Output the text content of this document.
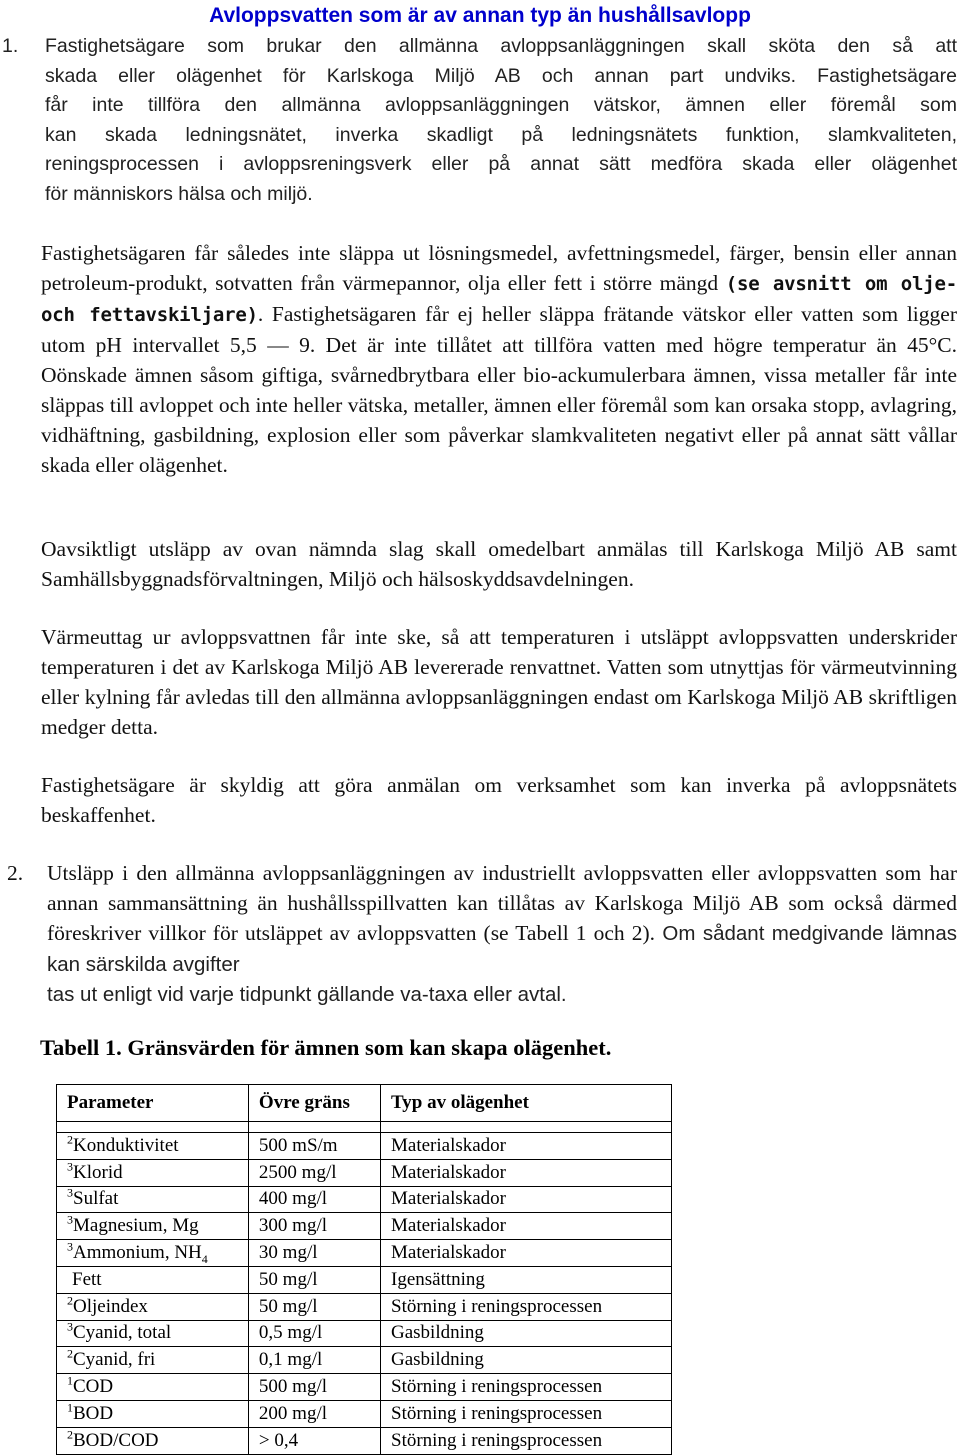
Avloppsvatten som är av annan typ än hushållsavlopp
1. Fastighetsägare som brukar den allmänna avloppsanläggningen skall sköta den så att
skada eller olägenhet för Karlskoga Miljö AB och annan part undviks. Fastighetsägare
får inte tillföra den allmänna avloppsanläggningen vätskor, ämnen eller föremål som
kan skada ledningsnätet, inverka skadligt på ledningsnätets funktion, slamkvaliteten,
reningsprocessen i avloppsreningsverk eller på annat sätt medföra skada eller olägenhet
för människors hälsa och miljö.
Fastighetsägaren får således inte släppa ut lösningsmedel, avfettningsmedel, färger, bensin eller annan petroleum-produkt, sotvatten från värmepannor, olja eller fett i större mängd (se avsnitt om olje- och fettavskiljare). Fastighetsägaren får ej heller släppa frätande vätskor eller vatten som ligger utom pH intervallet 5,5 — 9. Det är inte tillåtet att tillföra vatten med högre temperatur än 45°C. Oönskade ämnen såsom giftiga, svårnedbrytbara eller bio-ackumulerbara ämnen, vissa metaller får inte släppas till avloppet och inte heller vätska, metaller, ämnen eller föremål som kan orsaka stopp, avlagring, vidhäftning, gasbildning, explosion eller som påverkar slamkvaliteten negativt eller på annat sätt vållar skada eller olägenhet.
Oavsiktligt utsläpp av ovan nämnda slag skall omedelbart anmälas till Karlskoga Miljö AB samt Samhällsbyggnadsförvaltningen, Miljö och hälsoskyddsavdelningen.
Värmeuttag ur avloppsvattnen får inte ske, så att temperaturen i utsläppt avloppsvatten underskrider temperaturen i det av Karlskoga Miljö AB levererade renvattnet. Vatten som utnyttjas för värmeutvinning eller kylning får avledas till den allmänna avloppsanläggningen endast om Karlskoga Miljö AB skriftligen medger detta.
Fastighetsägare är skyldig att göra anmälan om verksamhet som kan inverka på avloppsnätets beskaffenhet.
2. Utsläpp i den allmänna avloppsanläggningen av industriellt avloppsvatten eller avloppsvatten som har annan sammansättning än hushållsspillvatten kan tillåtas av Karlskoga Miljö AB som också därmed föreskriver villkor för utsläppet av avloppsvatten (se Tabell 1 och 2). Om sådant medgivande lämnas kan särskilda avgifter
tas ut enligt vid varje tidpunkt gällande va-taxa eller avtal.
Tabell 1. Gränsvärden för ämnen som kan skapa olägenhet.
Parameter	Övre gräns	Typ av olägenhet

$^2$Konduktivitet	500 mS/m	Materialskador
$^3$Klorid	2500 mg/l	Materialskador
$^3$Sulfat	400 mg/l	Materialskador
$^3$Magnesium, Mg	300 mg/l	Materialskador
$^3$Ammonium, $NH_4$	30 mg/l	Materialskador
Fett	50 mg/l	Igensättning
$^2$Oljeindex	50 mg/l	Störning i reningsprocessen
$^3$Cyanid, total	0,5 mg/l	Gasbildning
$^2$Cyanid, fri	0,1 mg/l	Gasbildning
$^1$COD	500 mg/l	Störning i reningsprocessen
$^1$BOD	200 mg/l	Störning i reningsprocessen
$^2$BOD/COD	> 0,4	Störning i reningsprocessen
